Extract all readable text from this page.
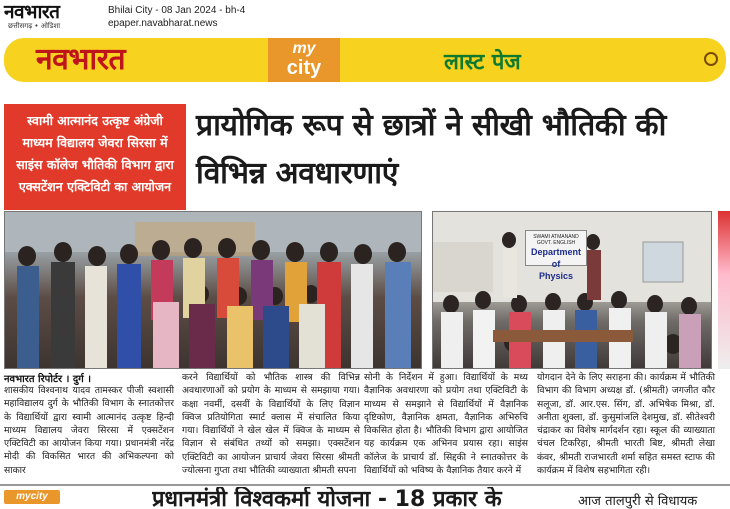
नवभारत
छत्तीसगढ़ • ओडिशा
Bhilai City - 08 Jan 2024 - bh-4
epaper.navabharat.news
नवभारत	my
city	लास्ट पेज

स्वामी आत्मानंद उत्कृष्ट अंग्रेजी माध्यम विद्यालय जेवरा सिरसा में साइंस कॉलेज भौतिकी विभाग द्वारा एक्सटेंशन एक्टिविटी का आयोजन

प्रायोगिक रूप से छात्रों ने सीखी भौतिकी की विभिन्न अवधारणाएं
SWAMI ATMANAND GOVT. ENGLISH
Department of
Physics
नवभारत रिपोर्टर । दुर्ग ।
शासकीय विश्वनाथ यादव तामस्कर पीजी स्वशासी महाविद्यालय दुर्ग के भौतिकी विभाग के स्नातकोत्तर के विद्यार्थियों द्वारा स्वामी आत्मानंद उत्कृष्ट हिन्दी माध्यम विद्यालय जेवरा सिरसा में एक्सटेंशन एक्टिविटी का आयोजन किया गया। प्रधानमंत्री नरेंद्र मोदी की विकसित भारत की अभिकल्पना को साकार
करने विद्यार्थियों को भौतिक शास्त्र की विभिन्न अवधारणाओं को प्रयोग के माध्यम से समझाया गया। कक्षा नवमीं, दसवीं के विद्यार्थियों के लिए विज्ञान क्विज प्रतियोगिता स्मार्ट क्लास में संचालित किया गया। विद्यार्थियों ने खेल खेल में क्विज के माध्यम से विज्ञान से संबंधित तथ्यों को समझा। एक्सटेंशन एक्टिविटी का आयोजन प्राचार्य जेवरा सिरसा श्रीमती ज्योत्सना गुप्ता तथा भौतिकी व्याख्याता श्रीमती सपना
सोनी के निर्देशन में हुआ। विद्यार्थियों के मध्य वैज्ञानिक अवधारणा को प्रयोग तथा एक्टिविटी के माध्यम से समझाने से विद्यार्थियों में वैज्ञानिक दृष्टिकोण, वैज्ञानिक क्षमता, वैज्ञानिक अभिरुचि विकसित होता है। भौतिकी विभाग द्वारा आयोजित यह कार्यक्रम एक अभिनव प्रयास रहा। साइंस कॉलेज के प्राचार्य डॉ. सिद्दकी ने स्नातकोत्तर के विद्यार्थियों को भविष्य के वैज्ञानिक तैयार करने में
योगदान देने के लिए सराहना की। कार्यक्रम में भौतिकी विभाग की विभाग अध्यक्ष डॉ. (श्रीमती) जगजीत कौर सलूजा, डॉ. आर.एस. सिंग, डॉ. अभिषेक मिश्रा, डॉ. अनीता शुक्ला, डॉ. कुसुमांजलि देशमुख, डॉ. सीतेश्वरी चंद्राकर का विशेष मार्गदर्शन रहा। स्कूल की व्याख्याता चंचल टिकरिहा, श्रीमती भारती बिष्ट, श्रीमती लेखा कंवर, श्रीमती राजभारती शर्मा सहित समस्त स्टाफ की कार्यक्रम में विशेष सहभागिता रही।
mycity	प्रधानमंत्री विश्वकर्मा योजना - 18 प्रकार के	आज तालपुरी से विधायक
